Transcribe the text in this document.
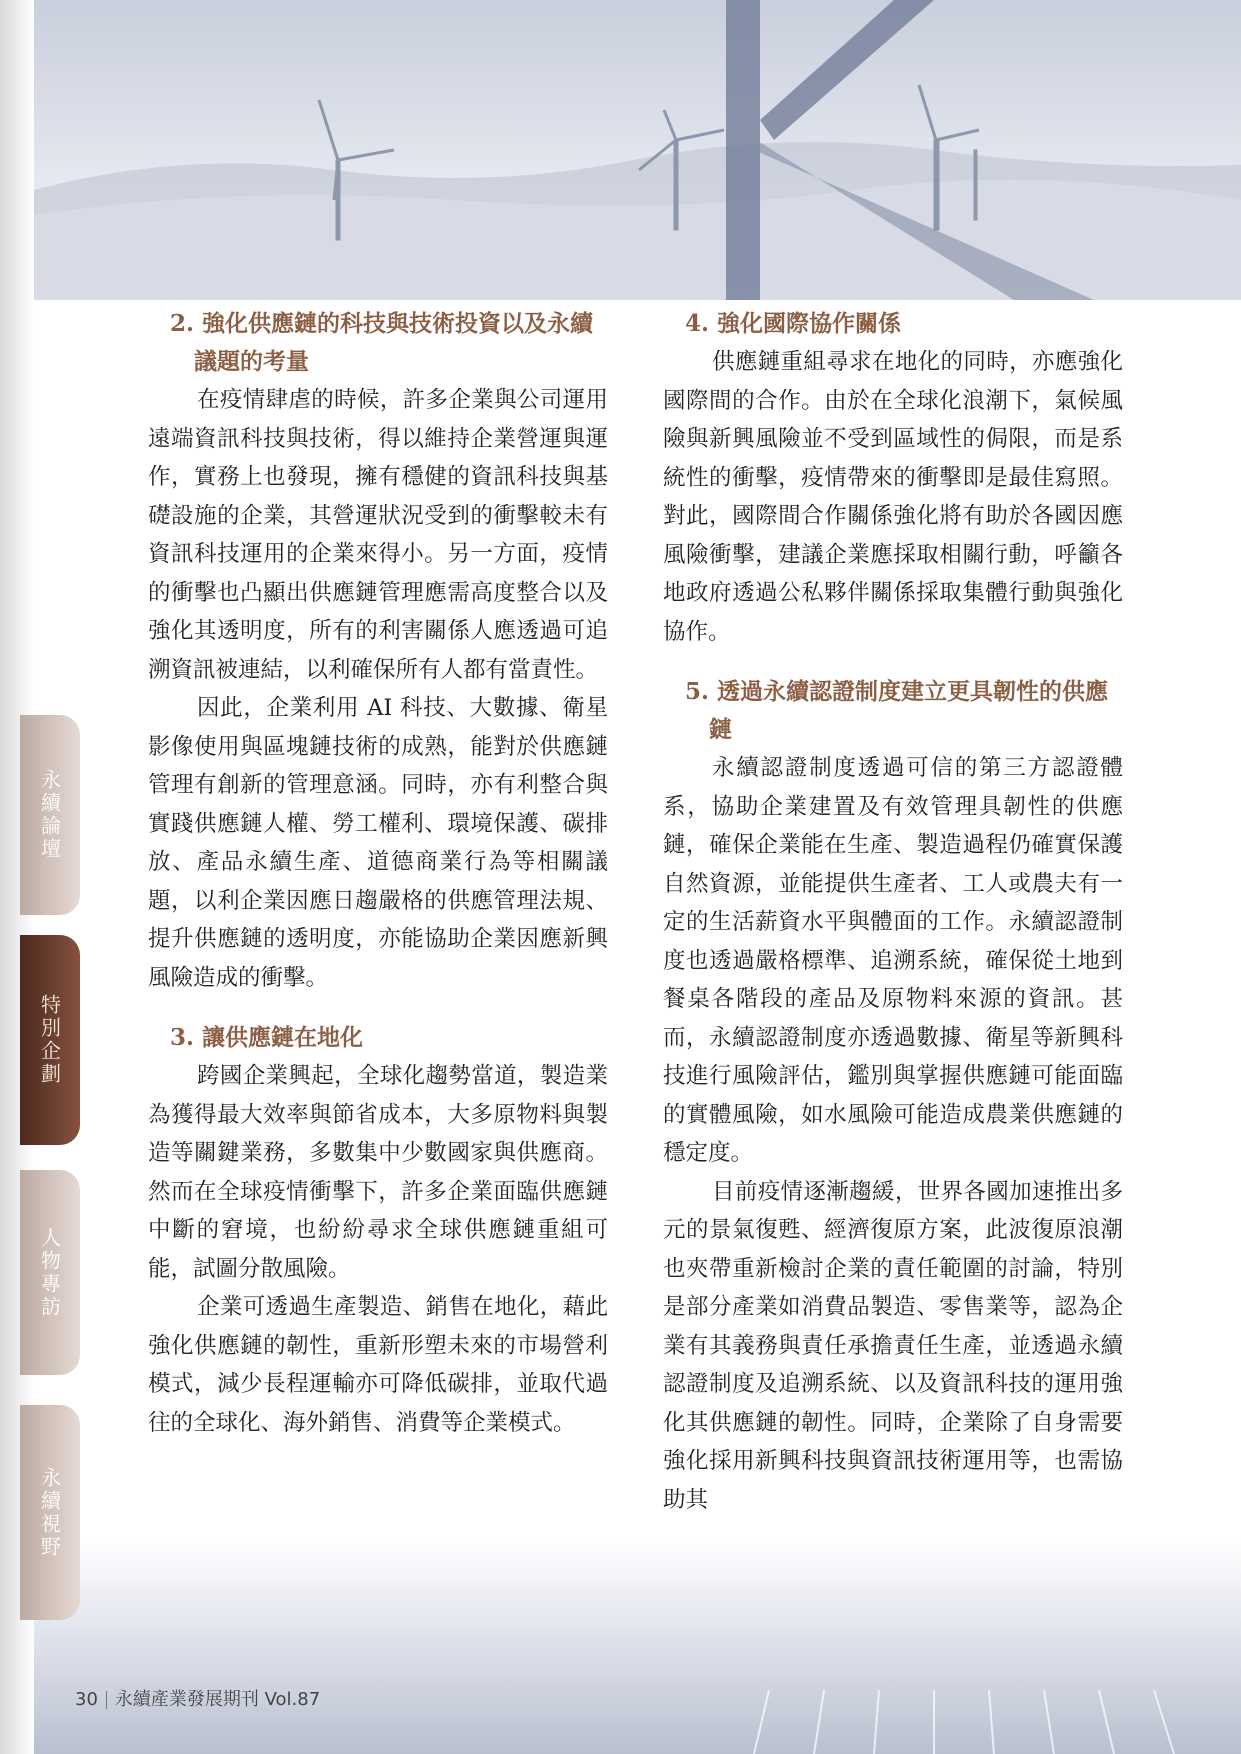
2. 強化供應鏈的科技與技術投資以及永續議題的考量

在疫情肆虐的時候，許多企業與公司運用遠端資訊科技與技術，得以維持企業營運與運作，實務上也發現，擁有穩健的資訊科技與基礎設施的企業，其營運狀況受到的衝擊較未有資訊科技運用的企業來得小。另一方面，疫情的衝擊也凸顯出供應鏈管理應需高度整合以及強化其透明度，所有的利害關係人應透過可追溯資訊被連結，以利確保所有人都有當責性。

因此，企業利用 AI 科技、大數據、衛星影像使用與區塊鏈技術的成熟，能對於供應鏈管理有創新的管理意涵。同時，亦有利整合與實踐供應鏈人權、勞工權利、環境保護、碳排放、產品永續生產、道德商業行為等相關議題，以利企業因應日趨嚴格的供應管理法規、提升供應鏈的透明度，亦能協助企業因應新興風險造成的衝擊。

3. 讓供應鏈在地化

跨國企業興起，全球化趨勢當道，製造業為獲得最大效率與節省成本，大多原物料與製造等關鍵業務，多數集中少數國家與供應商。然而在全球疫情衝擊下，許多企業面臨供應鏈中斷的窘境，也紛紛尋求全球供應鏈重組可能，試圖分散風險。

企業可透過生產製造、銷售在地化，藉此強化供應鏈的韌性，重新形塑未來的市場營利模式，減少長程運輸亦可降低碳排，並取代過往的全球化、海外銷售、消費等企業模式。

4. 強化國際協作關係

供應鏈重組尋求在地化的同時，亦應強化國際間的合作。由於在全球化浪潮下，氣候風險與新興風險並不受到區域性的侷限，而是系統性的衝擊，疫情帶來的衝擊即是最佳寫照。對此，國際間合作關係強化將有助於各國因應風險衝擊，建議企業應採取相關行動，呼籲各地政府透過公私夥伴關係採取集體行動與強化協作。

5. 透過永續認證制度建立更具韌性的供應鏈

永續認證制度透過可信的第三方認證體系，協助企業建置及有效管理具韌性的供應鏈，確保企業能在生產、製造過程仍確實保護自然資源，並能提供生產者、工人或農夫有一定的生活薪資水平與體面的工作。永續認證制度也透過嚴格標準、追溯系統，確保從土地到餐桌各階段的產品及原物料來源的資訊。甚而，永續認證制度亦透過數據、衛星等新興科技進行風險評估，鑑別與掌握供應鏈可能面臨的實體風險，如水風險可能造成農業供應鏈的穩定度。

目前疫情逐漸趨緩，世界各國加速推出多元的景氣復甦、經濟復原方案，此波復原浪潮也夾帶重新檢討企業的責任範圍的討論，特別是部分產業如消費品製造、零售業等，認為企業有其義務與責任承擔責任生產，並透過永續認證制度及追溯系統、以及資訊科技的運用強化其供應鏈的韌性。同時，企業除了自身需要強化採用新興科技與資訊技術運用等，也需協助其

永續論壇
特別企劃
人物專訪
永續視野
30 永續產業發展期刊 Vol.87
